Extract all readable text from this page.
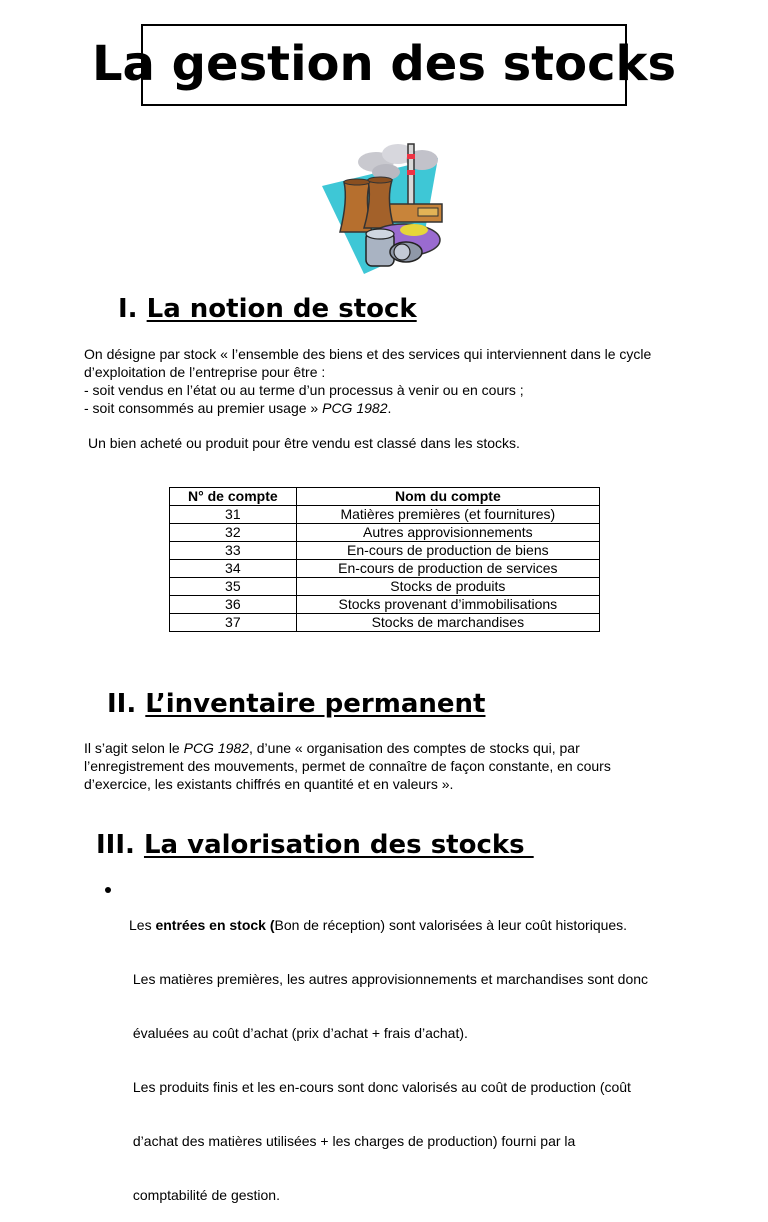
La gestion des stocks
I. La notion de stock
On désigne par stock « l’ensemble des biens et des services qui interviennent dans le cycle
d’exploitation de l’entreprise pour être :
- soit vendus en l’état ou au terme d’un processus à venir ou en cours ;
- soit consommés au premier usage » PCG 1982.
Un bien acheté ou produit pour être vendu est classé dans les stocks.
N° de compte	Nom du compte
31	Matières premières (et fournitures)
32	Autres approvisionnements
33	En-cours de production de biens
34	En-cours de production de services
35	Stocks de produits
36	Stocks provenant d’immobilisations
37	Stocks de marchandises
II. L’inventaire permanent
Il s’agit selon le PCG 1982, d’une « organisation des comptes de stocks qui, par
l’enregistrement des mouvements, permet de connaître de façon constante, en cours
d’exercice, les existants chiffrés en quantité et en valeurs ».
III. La valorisation des stocks

Les entrées en stock (Bon de réception) sont valorisées à leur coût historiques.

Les matières premières, les autres approvisionnements et marchandises sont donc

évaluées au coût d’achat (prix d’achat + frais d’achat).

Les produits finis et les en-cours sont donc valorisés au coût de production (coût

d’achat des matières utilisées + les charges de production) fourni par la

comptabilité de gestion.
